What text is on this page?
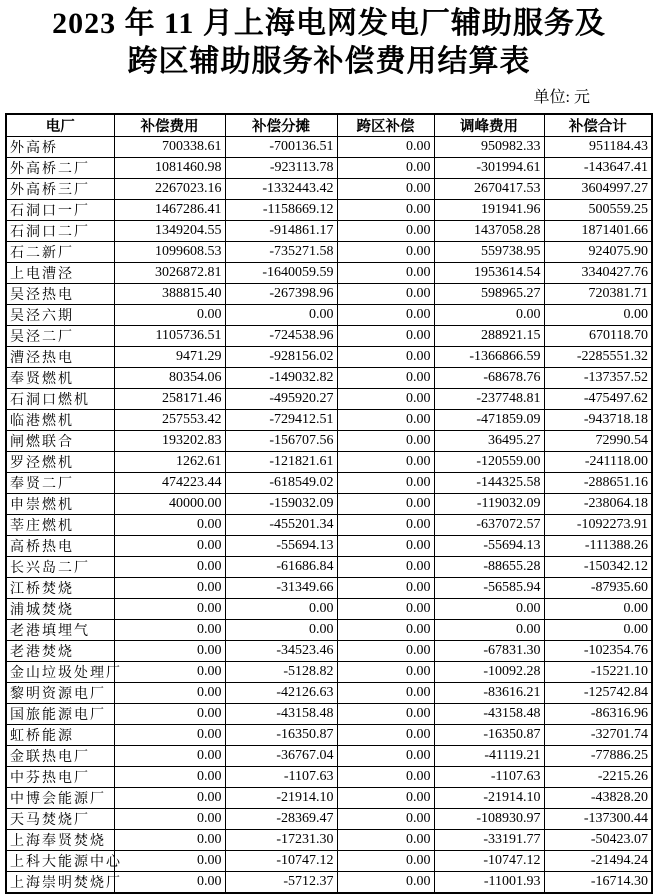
2023 年 11 月上海电网发电厂辅助服务及
跨区辅助服务补偿费用结算表
单位: 元
电厂	补偿费用	补偿分摊	跨区补偿	调峰费用	补偿合计
外高桥	700338.61	-700136.51	0.00	950982.33	951184.43
外高桥二厂	1081460.98	-923113.78	0.00	-301994.61	-143647.41
外高桥三厂	2267023.16	-1332443.42	0.00	2670417.53	3604997.27
石洞口一厂	1467286.41	-1158669.12	0.00	191941.96	500559.25
石洞口二厂	1349204.55	-914861.17	0.00	1437058.28	1871401.66
石二新厂	1099608.53	-735271.58	0.00	559738.95	924075.90
上电漕泾	3026872.81	-1640059.59	0.00	1953614.54	3340427.76
吴泾热电	388815.40	-267398.96	0.00	598965.27	720381.71
吴泾六期	0.00	0.00	0.00	0.00	0.00
吴泾二厂	1105736.51	-724538.96	0.00	288921.15	670118.70
漕泾热电	9471.29	-928156.02	0.00	-1366866.59	-2285551.32
奉贤燃机	80354.06	-149032.82	0.00	-68678.76	-137357.52
石洞口燃机	258171.46	-495920.27	0.00	-237748.81	-475497.62
临港燃机	257553.42	-729412.51	0.00	-471859.09	-943718.18
闸燃联合	193202.83	-156707.56	0.00	36495.27	72990.54
罗泾燃机	1262.61	-121821.61	0.00	-120559.00	-241118.00
奉贤二厂	474223.44	-618549.02	0.00	-144325.58	-288651.16
申崇燃机	40000.00	-159032.09	0.00	-119032.09	-238064.18
莘庄燃机	0.00	-455201.34	0.00	-637072.57	-1092273.91
高桥热电	0.00	-55694.13	0.00	-55694.13	-111388.26
长兴岛二厂	0.00	-61686.84	0.00	-88655.28	-150342.12
江桥焚烧	0.00	-31349.66	0.00	-56585.94	-87935.60
浦城焚烧	0.00	0.00	0.00	0.00	0.00
老港填埋气	0.00	0.00	0.00	0.00	0.00
老港焚烧	0.00	-34523.46	0.00	-67831.30	-102354.76
金山垃圾处理厂	0.00	-5128.82	0.00	-10092.28	-15221.10
黎明资源电厂	0.00	-42126.63	0.00	-83616.21	-125742.84
国旅能源电厂	0.00	-43158.48	0.00	-43158.48	-86316.96
虹桥能源	0.00	-16350.87	0.00	-16350.87	-32701.74
金联热电厂	0.00	-36767.04	0.00	-41119.21	-77886.25
中芬热电厂	0.00	-1107.63	0.00	-1107.63	-2215.26
中博会能源厂	0.00	-21914.10	0.00	-21914.10	-43828.20
天马焚烧厂	0.00	-28369.47	0.00	-108930.97	-137300.44
上海奉贤焚烧	0.00	-17231.30	0.00	-33191.77	-50423.07
上科大能源中心	0.00	-10747.12	0.00	-10747.12	-21494.24
上海崇明焚烧厂	0.00	-5712.37	0.00	-11001.93	-16714.30
